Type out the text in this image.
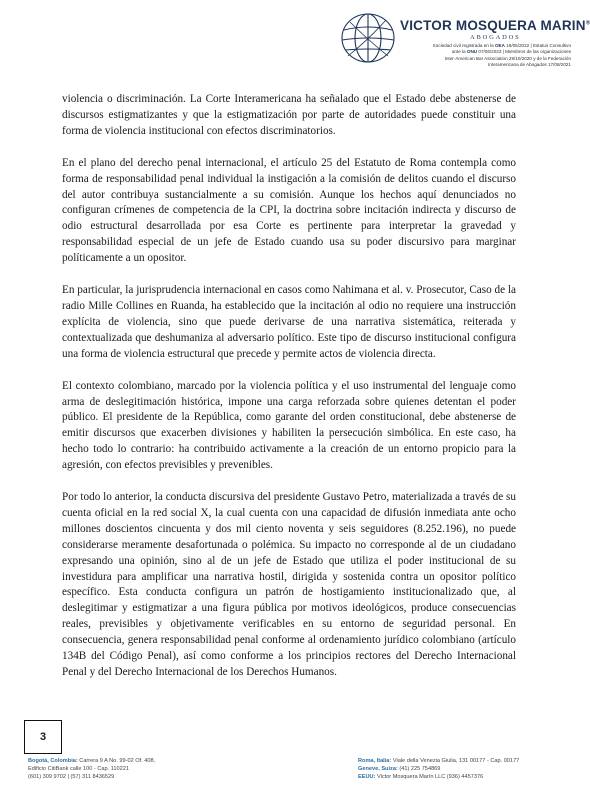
VICTOR MOSQUERA MARIN®
ABOGADOS
Sociedad civil registrada en la OEA 18/05/2022 | Estatus Consultivo
ante la ONU 07/06/2023 | Miembros de las organizaciones
Inter-American Bar Association 29/10/2020 y de la Federación
Interamericana de Abogados 17/08/2021

violencia o discriminación. La Corte Interamericana ha señalado que el Estado debe abstenerse de discursos estigmatizantes y que la estigmatización por parte de autoridades puede constituir una forma de violencia institucional con efectos discriminatorios.

En el plano del derecho penal internacional, el artículo 25 del Estatuto de Roma contempla como forma de responsabilidad penal individual la instigación a la comisión de delitos cuando el discurso del autor contribuya sustancialmente a su comisión. Aunque los hechos aquí denunciados no configuran crímenes de competencia de la CPI, la doctrina sobre incitación indirecta y discurso de odio estructural desarrollada por esa Corte es pertinente para interpretar la gravedad y responsabilidad especial de un jefe de Estado cuando usa su poder discursivo para marginar políticamente a un opositor.

En particular, la jurisprudencia internacional en casos como Nahimana et al. v. Prosecutor, Caso de la radio Mille Collines en Ruanda, ha establecido que la incitación al odio no requiere una instrucción explícita de violencia, sino que puede derivarse de una narrativa sistemática, reiterada y contextualizada que deshumaniza al adversario político. Este tipo de discurso institucional configura una forma de violencia estructural que precede y permite actos de violencia directa.

El contexto colombiano, marcado por la violencia política y el uso instrumental del lenguaje como arma de deslegitimación histórica, impone una carga reforzada sobre quienes detentan el poder público. El presidente de la República, como garante del orden constitucional, debe abstenerse de emitir discursos que exacerben divisiones y habiliten la persecución simbólica. En este caso, ha hecho todo lo contrario: ha contribuido activamente a la creación de un entorno propicio para la agresión, con efectos previsibles y prevenibles.

Por todo lo anterior, la conducta discursiva del presidente Gustavo Petro, materializada a través de su cuenta oficial en la red social X, la cual cuenta con una capacidad de difusión inmediata ante ocho millones doscientos cincuenta y dos mil ciento noventa y seis seguidores (8.252.196), no puede considerarse meramente desafortunada o polémica. Su impacto no corresponde al de un ciudadano expresando una opinión, sino al de un jefe de Estado que utiliza el poder institucional de su investidura para amplificar una narrativa hostil, dirigida y sostenida contra un opositor político específico. Esta conducta configura un patrón de hostigamiento institucionalizado que, al deslegitimar y estigmatizar a una figura pública por motivos ideológicos, produce consecuencias reales, previsibles y objetivamente verificables en su entorno de seguridad personal. En consecuencia, genera responsabilidad penal conforme al ordenamiento jurídico colombiano (artículo 134B del Código Penal), así como conforme a los principios rectores del Derecho Internacional Penal y del Derecho Internacional de los Derechos Humanos.

3
Bogotá, Colombia: Carrera 9 A No. 99-02 Of. 408,
Edificio CitiBank calle 100 - Cap. 110221
(601) 309 9702 | (57) 311 8436529
Roma, Italia: Viale della Venezia Giulia, 131 00177 - Cap. 00177
Geneve, Suiza: (41) 225 754869
EEUU: Victor Mosquera Marín LLC (936) 4457376
